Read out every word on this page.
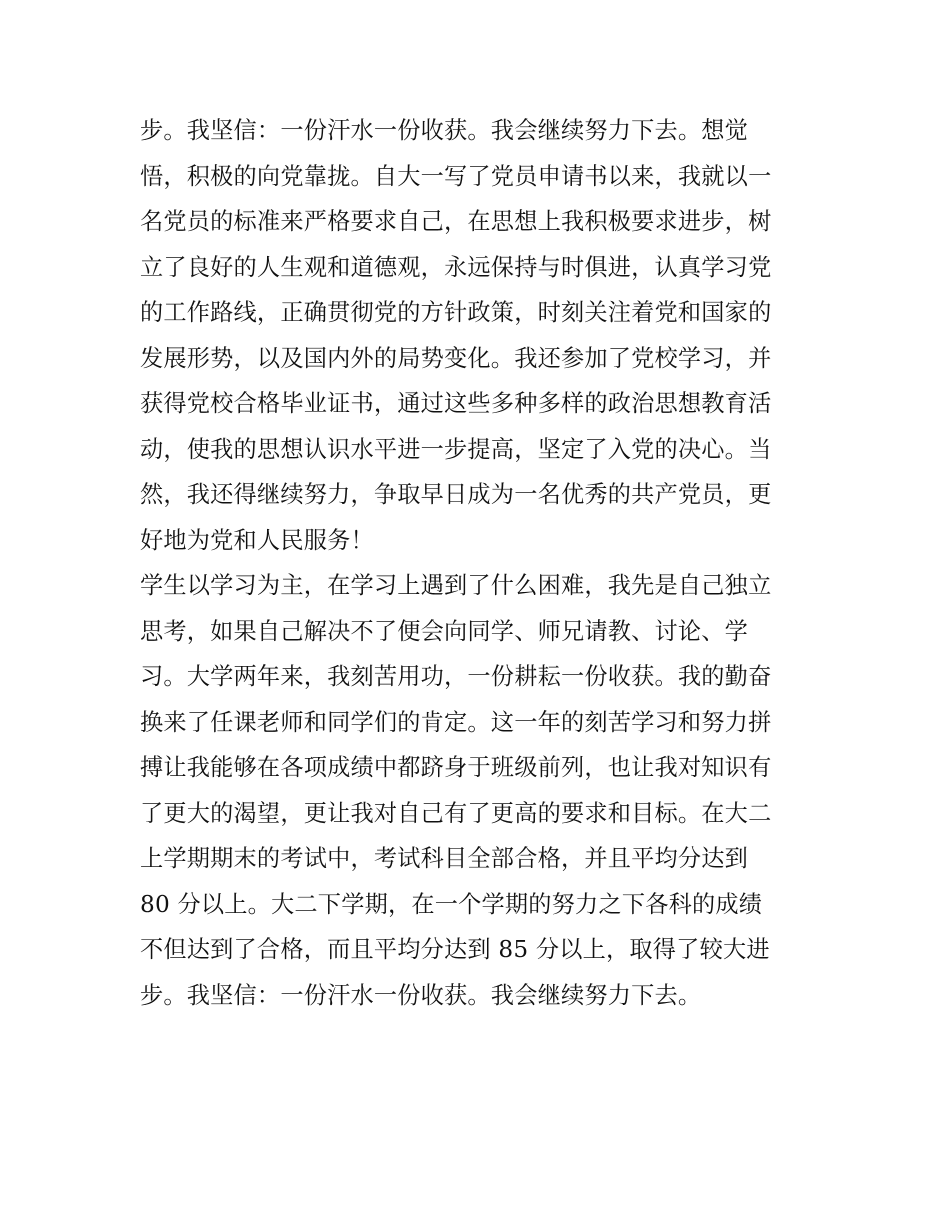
步。我坚信：一份汗水一份收获。我会继续努力下去。想觉
悟，积极的向党靠拢。自大一写了党员申请书以来，我就以一
名党员的标准来严格要求自己，在思想上我积极要求进步，树
立了良好的人生观和道德观，永远保持与时俱进，认真学习党
的工作路线，正确贯彻党的方针政策，时刻关注着党和国家的
发展形势，以及国内外的局势变化。我还参加了党校学习，并
获得党校合格毕业证书，通过这些多种多样的政治思想教育活
动，使我的思想认识水平进一步提高，坚定了入党的决心。当
然，我还得继续努力，争取早日成为一名优秀的共产党员，更
好地为党和人民服务！
学生以学习为主，在学习上遇到了什么困难，我先是自己独立
思考，如果自己解决不了便会向同学、师兄请教、讨论、学
习。大学两年来，我刻苦用功，一份耕耘一份收获。我的勤奋
换来了任课老师和同学们的肯定。这一年的刻苦学习和努力拼
搏让我能够在各项成绩中都跻身于班级前列，也让我对知识有
了更大的渴望，更让我对自己有了更高的要求和目标。在大二
上学期期末的考试中，考试科目全部合格，并且平均分达到
80 分以上。大二下学期，在一个学期的努力之下各科的成绩
不但达到了合格，而且平均分达到 85 分以上，取得了较大进
步。我坚信：一份汗水一份收获。我会继续努力下去。
